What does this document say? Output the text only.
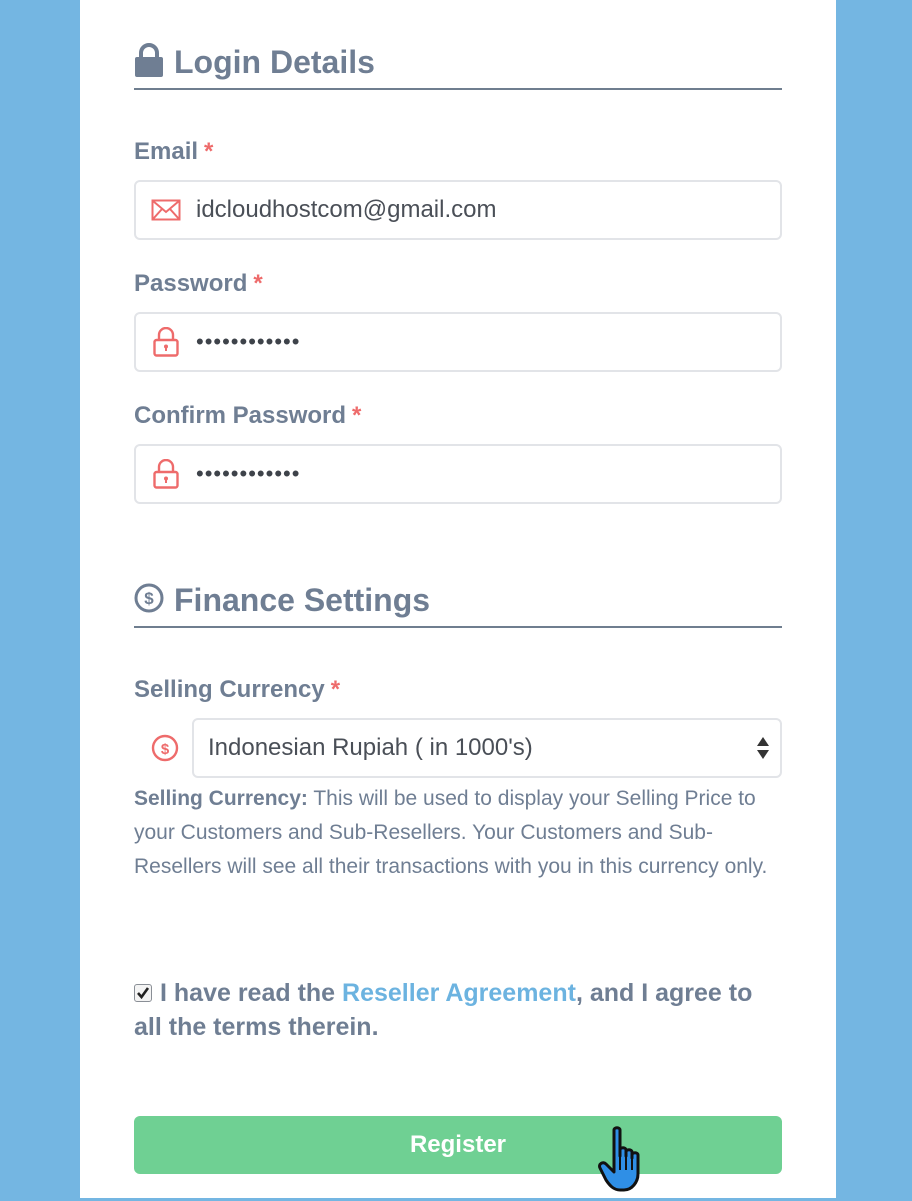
Login Details
Email *
idcloudhostcom@gmail.com
Password *
••••••••••••
Confirm Password *
••••••••••••
$ Finance Settings
Selling Currency *
$ Indonesian Rupiah ( in 1000's)
Selling Currency: This will be used to display your Selling Price to your Customers and Sub-Resellers. Your Customers and Sub-Resellers will see all their transactions with you in this currency only.
I have read the Reseller Agreement, and I agree to all the terms therein.
Register
